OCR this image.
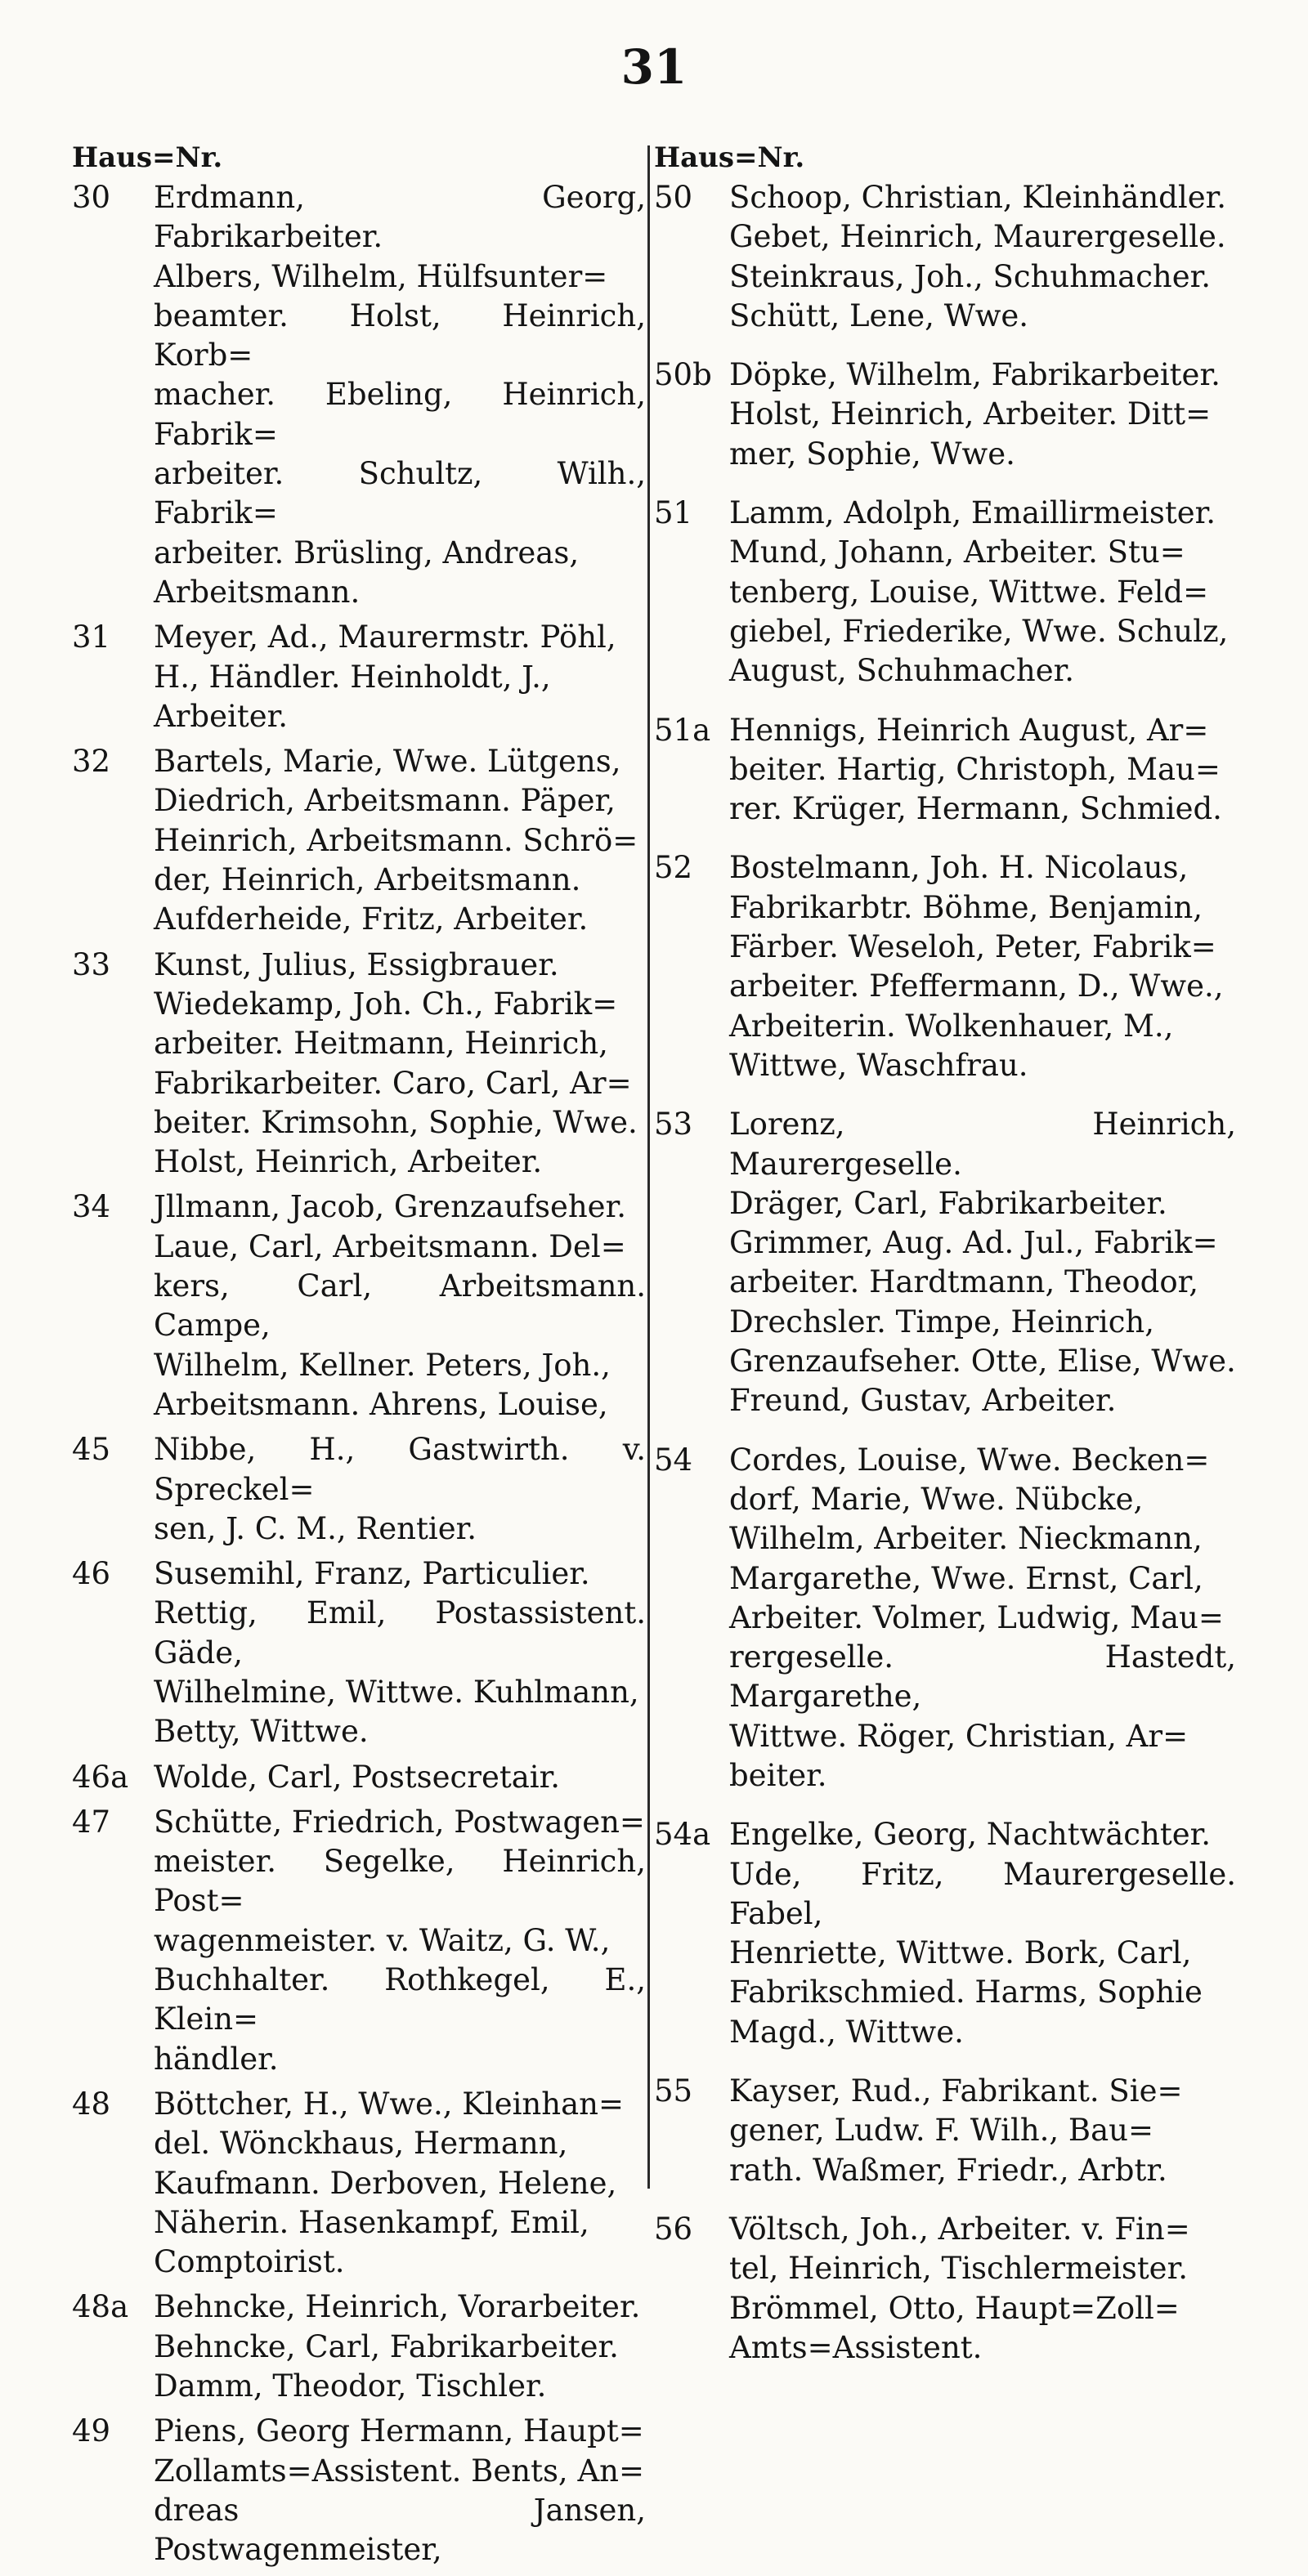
31
Haus=Nr.
30	Erdmann, Georg, Fabrikarbeiter.
Albers, Wilhelm, Hülfsunter=
beamter. Holst, Heinrich, Korb=
macher. Ebeling, Heinrich, Fabrik=
arbeiter. Schultz, Wilh., Fabrik=
arbeiter. Brüsling, Andreas,
Arbeitsmann.
31	Meyer, Ad., Maurermstr. Pöhl,
H., Händler. Heinholdt, J.,
Arbeiter.
32	Bartels, Marie, Wwe. Lütgens,
Diedrich, Arbeitsmann. Päper,
Heinrich, Arbeitsmann. Schrö=
der, Heinrich, Arbeitsmann.
Aufderheide, Fritz, Arbeiter.
33	Kunst, Julius, Essigbrauer.
Wiedekamp, Joh. Ch., Fabrik=
arbeiter. Heitmann, Heinrich,
Fabrikarbeiter. Caro, Carl, Ar=
beiter. Krimsohn, Sophie, Wwe.
Holst, Heinrich, Arbeiter.
34	Jllmann, Jacob, Grenzaufseher.
Laue, Carl, Arbeitsmann. Del=
kers, Carl, Arbeitsmann. Campe,
Wilhelm, Kellner. Peters, Joh.,
Arbeitsmann. Ahrens, Louise,
45	Nibbe, H., Gastwirth. v. Spreckel=
sen, J. C. M., Rentier.
46	Susemihl, Franz, Particulier.
Rettig, Emil, Postassistent. Gäde,
Wilhelmine, Wittwe. Kuhlmann,
Betty, Wittwe.
46a Wolde, Carl, Postsecretair.
47	Schütte, Friedrich, Postwagen=
meister. Segelke, Heinrich, Post=
wagenmeister. v. Waitz, G. W.,
Buchhalter. Rothkegel, E., Klein=
händler.
48	Böttcher, H., Wwe., Kleinhan=
del. Wönckhaus, Hermann,
Kaufmann. Derboven, Helene,
Näherin. Hasenkampf, Emil,
Comptoirist.
48a Behncke, Heinrich, Vorarbeiter.
Behncke, Carl, Fabrikarbeiter.
Damm, Theodor, Tischler.
49	Piens, Georg Hermann, Haupt=
Zollamts=Assistent. Bents, An=
dreas Jansen, Postwagenmeister,
Haus=Nr.
50	Schoop, Christian, Kleinhändler.
Gebet, Heinrich, Maurergeselle.
Steinkraus, Joh., Schuhmacher.
Schütt, Lene, Wwe.
50b Döpke, Wilhelm, Fabrikarbeiter.
Holst, Heinrich, Arbeiter. Ditt=
mer, Sophie, Wwe.
51	Lamm, Adolph, Emaillirmeister.
Mund, Johann, Arbeiter. Stu=
tenberg, Louise, Wittwe. Feld=
giebel, Friederike, Wwe. Schulz,
August, Schuhmacher.
51a Hennigs, Heinrich August, Ar=
beiter. Hartig, Christoph, Mau=
rer. Krüger, Hermann, Schmied.
52	Bostelmann, Joh. H. Nicolaus,
Fabrikarbtr. Böhme, Benjamin,
Färber. Weseloh, Peter, Fabrik=
arbeiter. Pfeffermann, D., Wwe.,
Arbeiterin. Wolkenhauer, M.,
Wittwe, Waschfrau.
53	Lorenz, Heinrich, Maurergeselle.
Dräger, Carl, Fabrikarbeiter.
Grimmer, Aug. Ad. Jul., Fabrik=
arbeiter. Hardtmann, Theodor,
Drechsler. Timpe, Heinrich,
Grenzaufseher. Otte, Elise, Wwe.
Freund, Gustav, Arbeiter.
54	Cordes, Louise, Wwe. Becken=
dorf, Marie, Wwe. Nübcke,
Wilhelm, Arbeiter. Nieckmann,
Margarethe, Wwe. Ernst, Carl,
Arbeiter. Volmer, Ludwig, Mau=
rergeselle. Hastedt, Margarethe,
Wittwe. Röger, Christian, Ar=
beiter.
54a Engelke, Georg, Nachtwächter.
Ude, Fritz, Maurergeselle. Fabel,
Henriette, Wittwe. Bork, Carl,
Fabrikschmied. Harms, Sophie
Magd., Wittwe.
55	Kayser, Rud., Fabrikant. Sie=
gener, Ludw. F. Wilh., Bau=
rath. Waßmer, Friedr., Arbtr.
56	Völtsch, Joh., Arbeiter. v. Fin=
tel, Heinrich, Tischlermeister.
Brömmel, Otto, Haupt=Zoll=
Amts=Assistent.
